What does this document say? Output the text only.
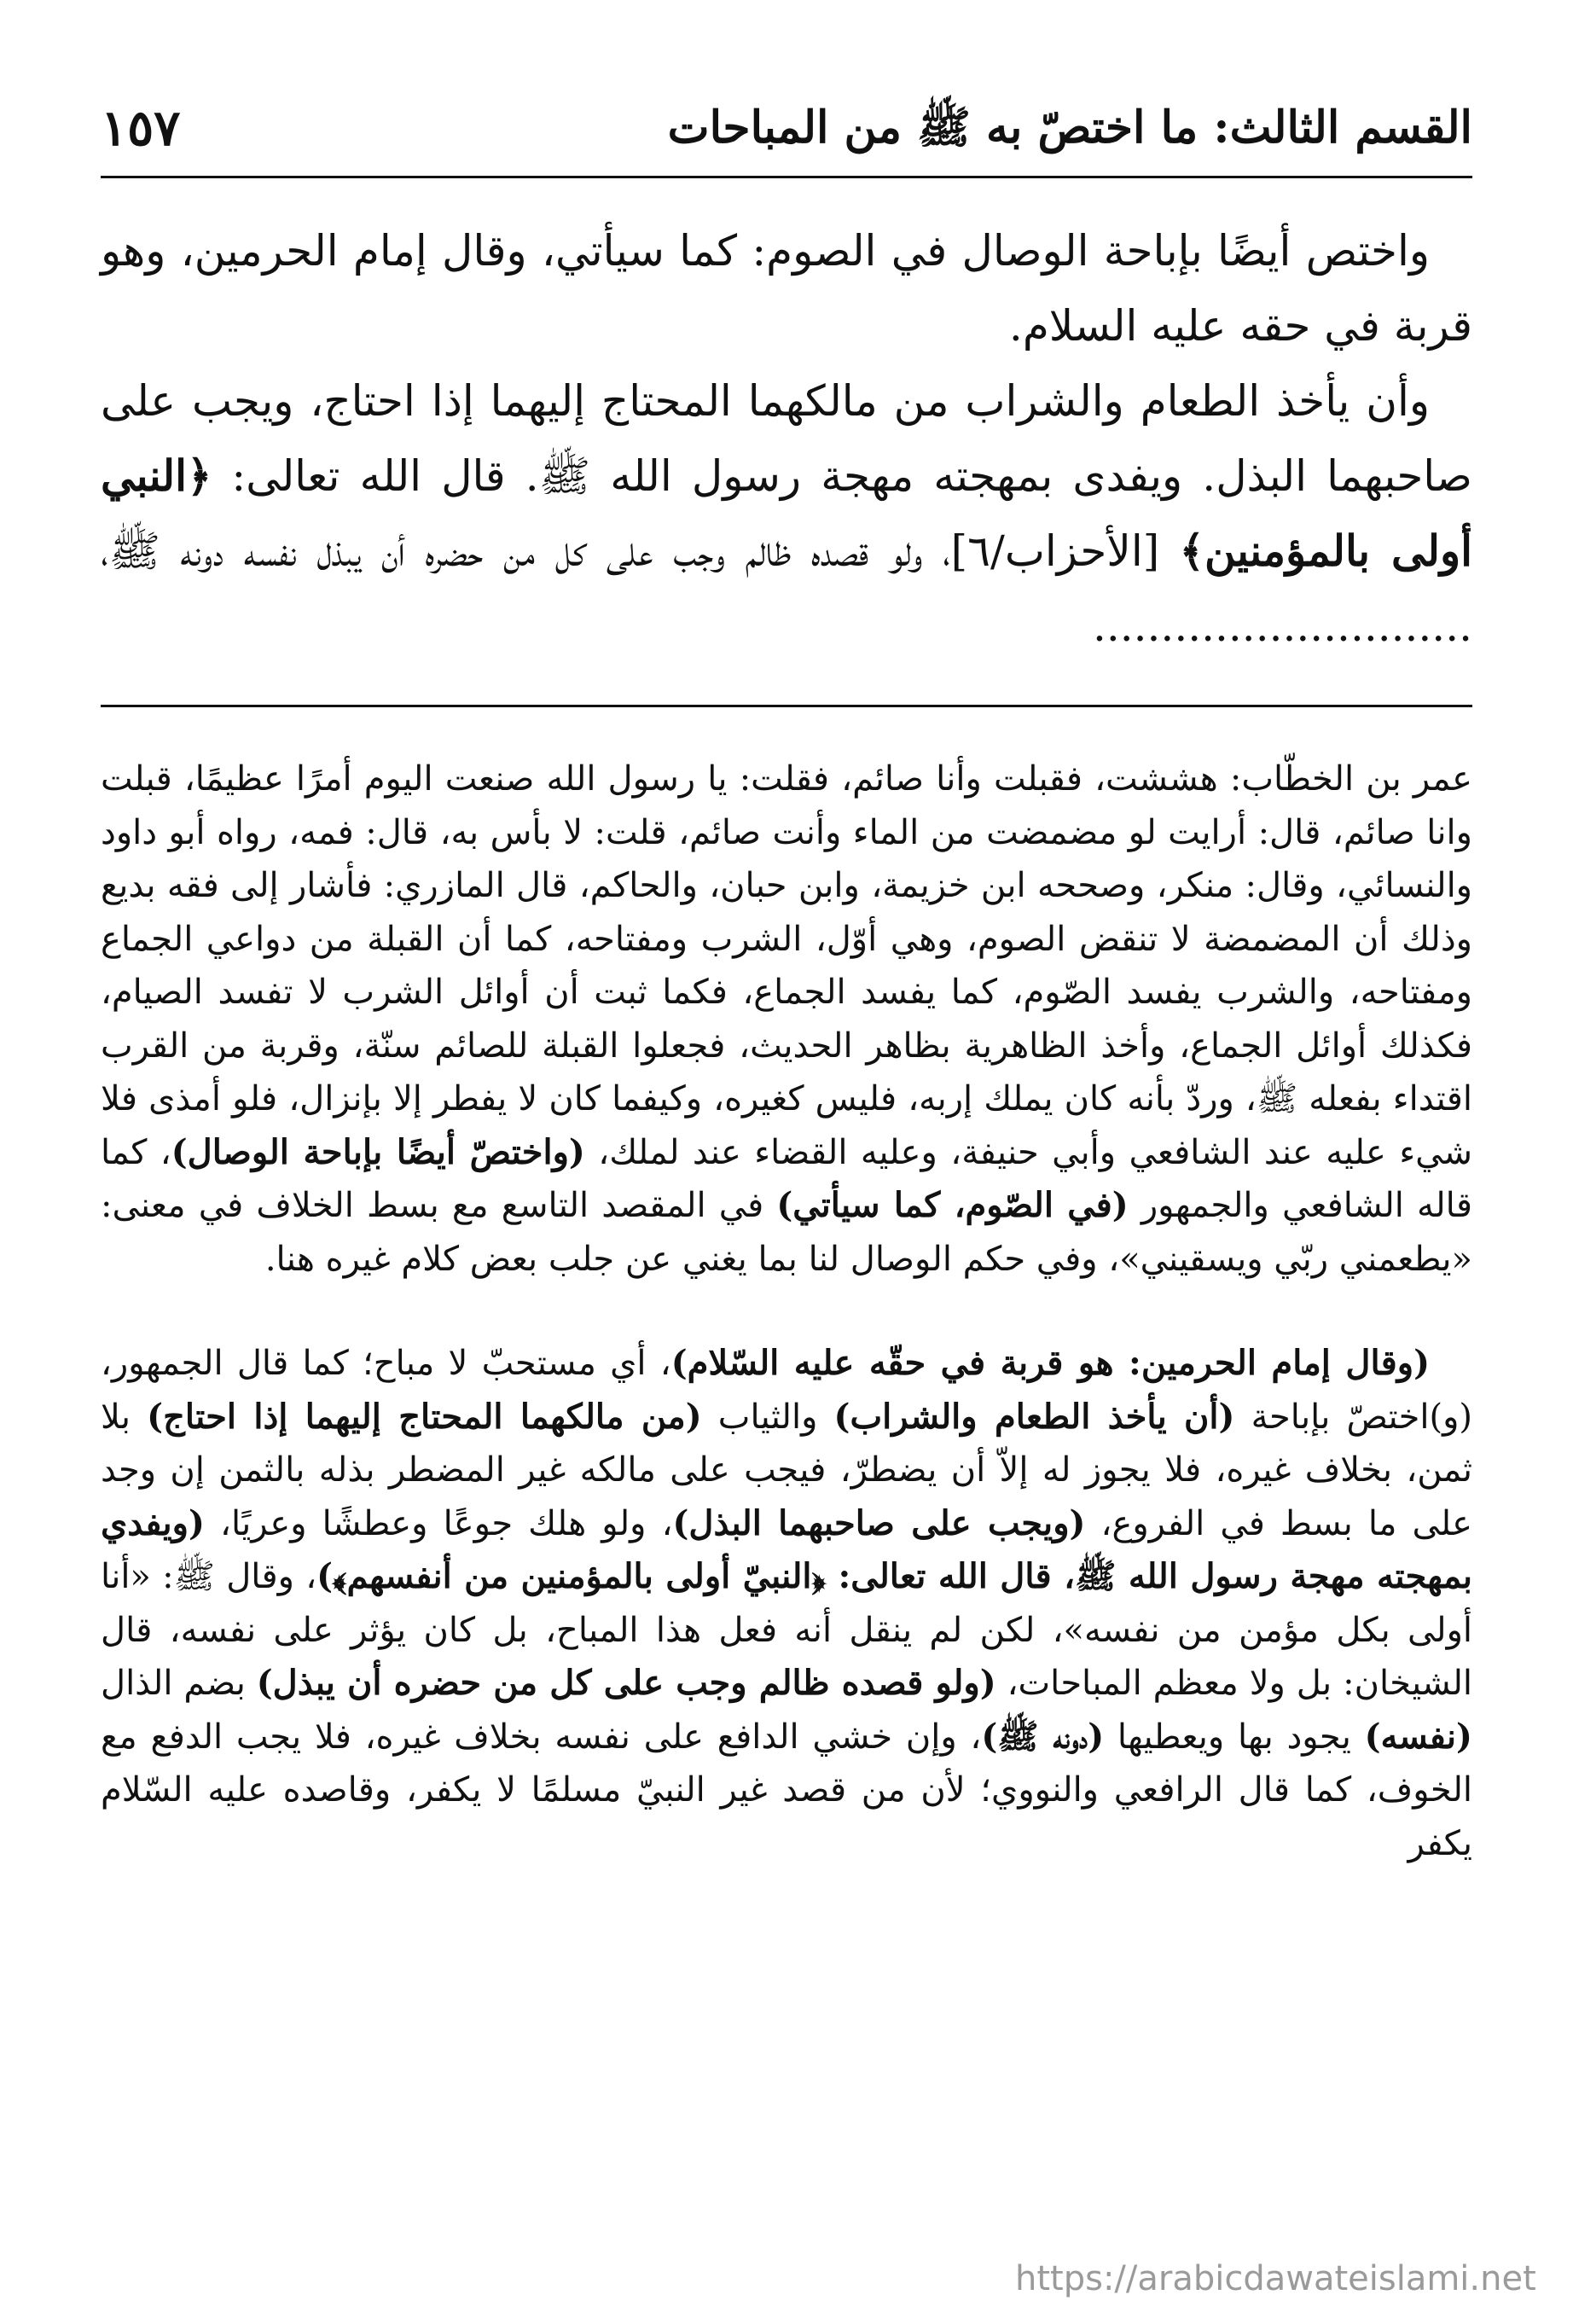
القسم الثالث: ما اختصّ به ﷺ من المباحات
١٥٧

واختص أيضًا بإباحة الوصال في الصوم: كما سيأتي، وقال إمام الحرمين، وهو قربة في حقه عليه السلام.

وأن يأخذ الطعام والشراب من مالكهما المحتاج إليهما إذا احتاج، ويجب على صاحبهما البذل. ويفدى بمهجته مهجة رسول الله ﷺ. قال الله تعالى: ﴿النبي أولى بالمؤمنين﴾ [الأحزاب/٦]، ولو قصده ظالم وجب على كل من حضره أن يبذل نفسه دونه ﷺ، ............................

عمر بن الخطّاب: هششت، فقبلت وأنا صائم، فقلت: يا رسول الله صنعت اليوم أمرًا عظيمًا، قبلت وانا صائم، قال: أرايت لو مضمضت من الماء وأنت صائم، قلت: لا بأس به، قال: فمه، رواه أبو داود والنسائي، وقال: منكر، وصححه ابن خزيمة، وابن حبان، والحاكم، قال المازري: فأشار إلى فقه بديع وذلك أن المضمضة لا تنقض الصوم، وهي أوّل، الشرب ومفتاحه، كما أن القبلة من دواعي الجماع ومفتاحه، والشرب يفسد الصّوم، كما يفسد الجماع، فكما ثبت أن أوائل الشرب لا تفسد الصيام، فكذلك أوائل الجماع، وأخذ الظاهرية بظاهر الحديث، فجعلوا القبلة للصائم سنّة، وقربة من القرب اقتداء بفعله ﷺ، وردّ بأنه كان يملك إربه، فليس كغيره، وكيفما كان لا يفطر إلا بإنزال، فلو أمذى فلا شيء عليه عند الشافعي وأبي حنيفة، وعليه القضاء عند لملك، (واختصّ أيضًا بإباحة الوصال)، كما قاله الشافعي والجمهور (في الصّوم، كما سيأتي) في المقصد التاسع مع بسط الخلاف في معنى: «يطعمني ربّي ويسقيني»، وفي حكم الوصال لنا بما يغني عن جلب بعض كلام غيره هنا.

(وقال إمام الحرمين: هو قربة في حقّه عليه السّلام)، أي مستحبّ لا مباح؛ كما قال الجمهور، (و)اختصّ بإباحة (أن يأخذ الطعام والشراب) والثياب (من مالكهما المحتاج إليهما إذا احتاج) بلا ثمن، بخلاف غيره، فلا يجوز له إلاّ أن يضطرّ، فيجب على مالكه غير المضطر بذله بالثمن إن وجد على ما بسط في الفروع، (ويجب على صاحبهما البذل)، ولو هلك جوعًا وعطشًا وعريًا، (ويفدي بمهجته مهجة رسول الله ﷺ، قال الله تعالى: ﴿النبيّ أولى بالمؤمنين من أنفسهم﴾)، وقال ﷺ: «أنا أولى بكل مؤمن من نفسه»، لكن لم ينقل أنه فعل هذا المباح، بل كان يؤثر على نفسه، قال الشيخان: بل ولا معظم المباحات، (ولو قصده ظالم وجب على كل من حضره أن يبذل) بضم الذال (نفسه) يجود بها ويعطيها (دونه ﷺ)، وإن خشي الدافع على نفسه بخلاف غيره، فلا يجب الدفع مع الخوف، كما قال الرافعي والنووي؛ لأن من قصد غير النبيّ مسلمًا لا يكفر، وقاصده عليه السّلام يكفر

https://arabicdawateislami.net
